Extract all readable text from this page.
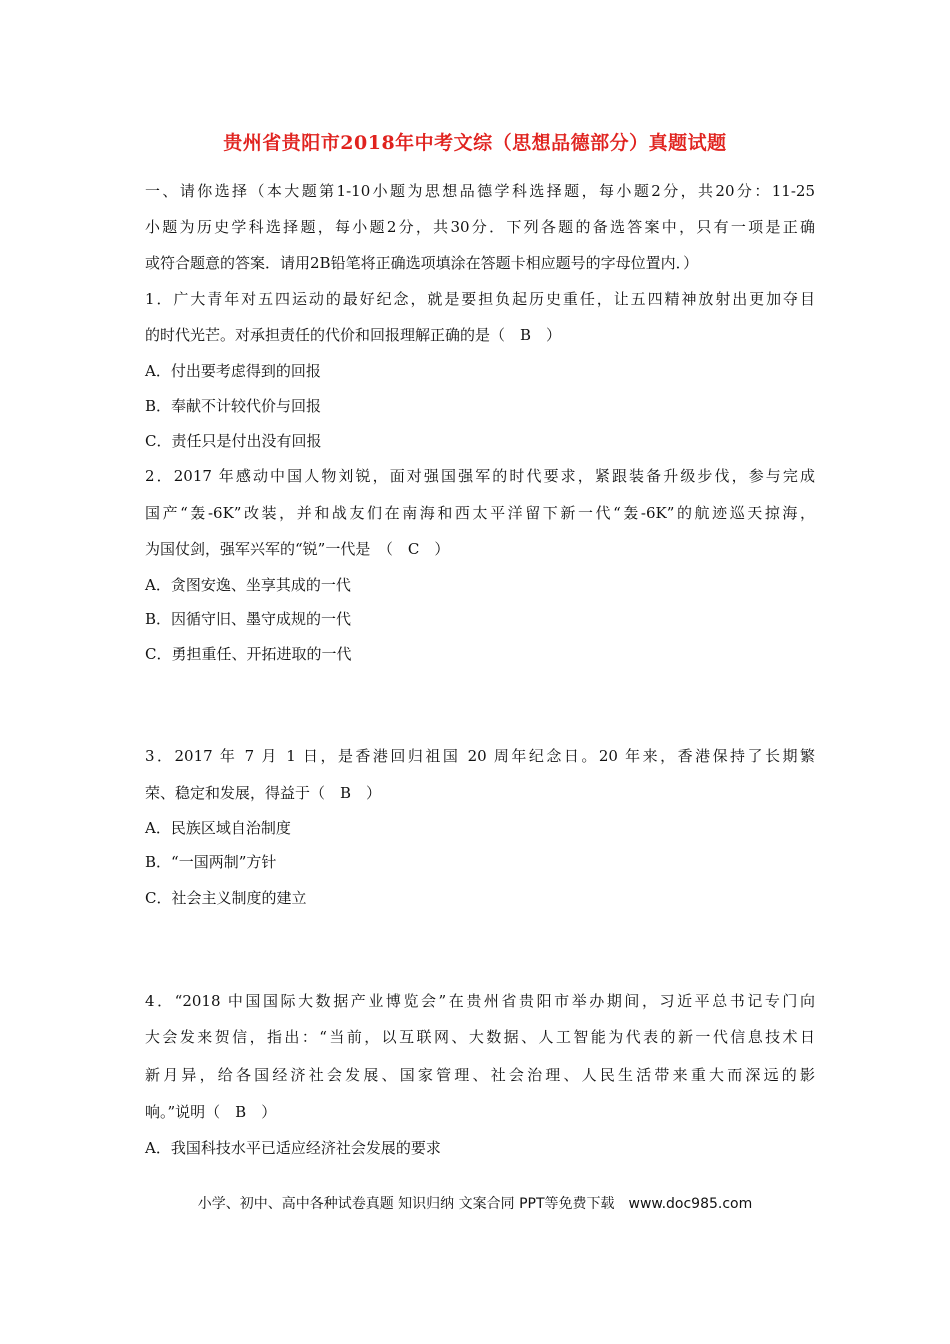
贵州省贵阳市2018年中考文综（思想品德部分）真题试题
一、请你选择（本大题第1-10小题为思想品德学科选择题，每小题2分，共20分：11-25
小题为历史学科选择题，每小题2分，共30分．下列各题的备选答案中，只有一项是正确
或符合题意的答案．请用2B铅笔将正确选项填涂在答题卡相应题号的字母位置内．）
1．广大青年对五四运动的最好纪念，就是要担负起历史重任，让五四精神放射出更加夺目
的时代光芒。对承担责任的代价和回报理解正确的是（　B　）
A．付出要考虑得到的回报
B．奉献不计较代价与回报
C．责任只是付出没有回报
2．2017 年感动中国人物刘锐，面对强国强军的时代要求，紧跟装备升级步伐，参与完成
国产“轰-6K”改装，并和战友们在南海和西太平洋留下新一代“轰-6K”的航迹巡天掠海，
为国仗剑，强军兴军的“锐”一代是　（　C　）
A．贪图安逸、坐享其成的一代
B．因循守旧、墨守成规的一代
C．勇担重任、开拓进取的一代
3．2017 年 7 月 1 日，是香港回归祖国 20 周年纪念日。20 年来，香港保持了长期繁
荣、稳定和发展，得益于（　B　）
A．民族区域自治制度
B．“一国两制”方针
C．社会主义制度的建立
4．“2018 中国国际大数据产业博览会”在贵州省贵阳市举办期间，习近平总书记专门向
大会发来贺信，指出：“当前，以互联网、大数据、人工智能为代表的新一代信息技术日
新月异，给各国经济社会发展、国家管理、社会治理、人民生活带来重大而深远的影
响。”说明（　B　）
A．我国科技水平已适应经济社会发展的要求
小学、初中、高中各种试卷真题 知识归纳 文案合同 PPT等免费下载　www.doc985.com
